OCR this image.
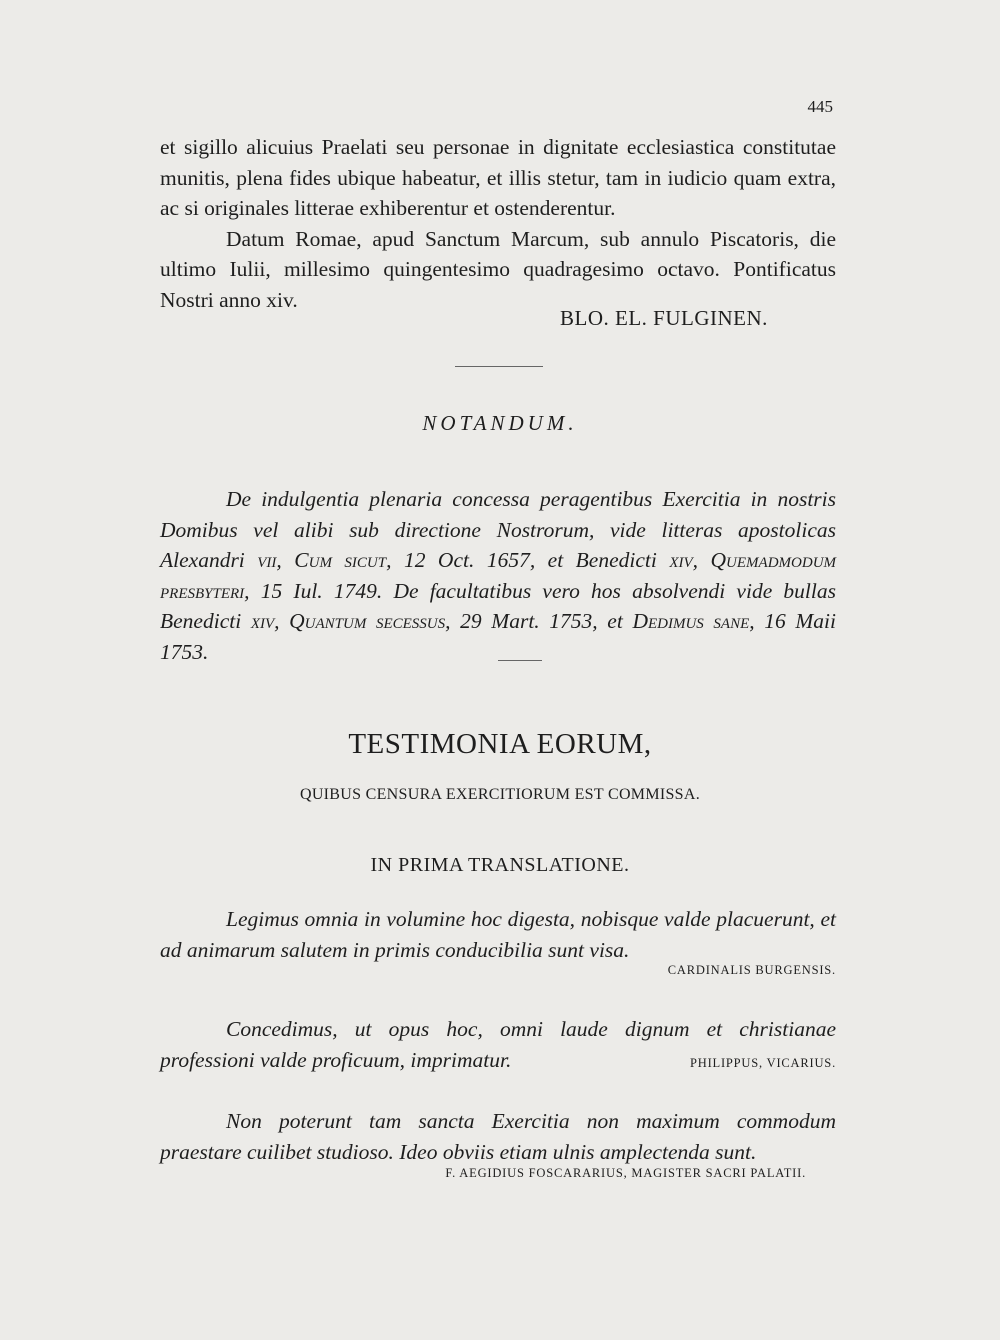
445

et sigillo alicuius Praelati seu personae in dignitate ecclesiastica constitutae munitis, plena fides ubique habeatur, et illis stetur, tam in iudicio quam extra, ac si originales litterae exhiberentur et ostenderentur.

Datum Romae, apud Sanctum Marcum, sub annulo Piscatoris, die ultimo Iulii, millesimo quingentesimo quadragesimo octavo. Pontificatus Nostri anno xiv.

BLO. EL. FULGINEN.
NOTANDUM.

De indulgentia plenaria concessa peragentibus Exercitia in nostris Domibus vel alibi sub directione Nostrorum, vide litteras apostolicas Alexandri vii, Cum sicut, 12 Oct. 1657, et Benedicti xiv, Quemadmodum presbyteri, 15 Iul. 1749. De facultatibus vero hos absolvendi vide bullas Benedicti xiv, Quantum secessus, 29 Mart. 1753, et Dedimus sane, 16 Maii 1753.

TESTIMONIA EORUM,
QUIBUS CENSURA EXERCITIORUM EST COMMISSA.
IN PRIMA TRANSLATIONE.

Legimus omnia in volumine hoc digesta, nobisque valde placuerunt, et ad animarum salutem in primis conducibilia sunt visa.

CARDINALIS BURGENSIS.

Concedimus, ut opus hoc, omni laude dignum et christianae professioni valde proficuum, imprimatur.	PHILIPPUS, VICARIUS.

Non poterunt tam sancta Exercitia non maximum commodum praestare cuilibet studioso. Ideo obviis etiam ulnis amplectenda sunt.

F. AEGIDIUS FOSCARARIUS, MAGISTER SACRI PALATII.
